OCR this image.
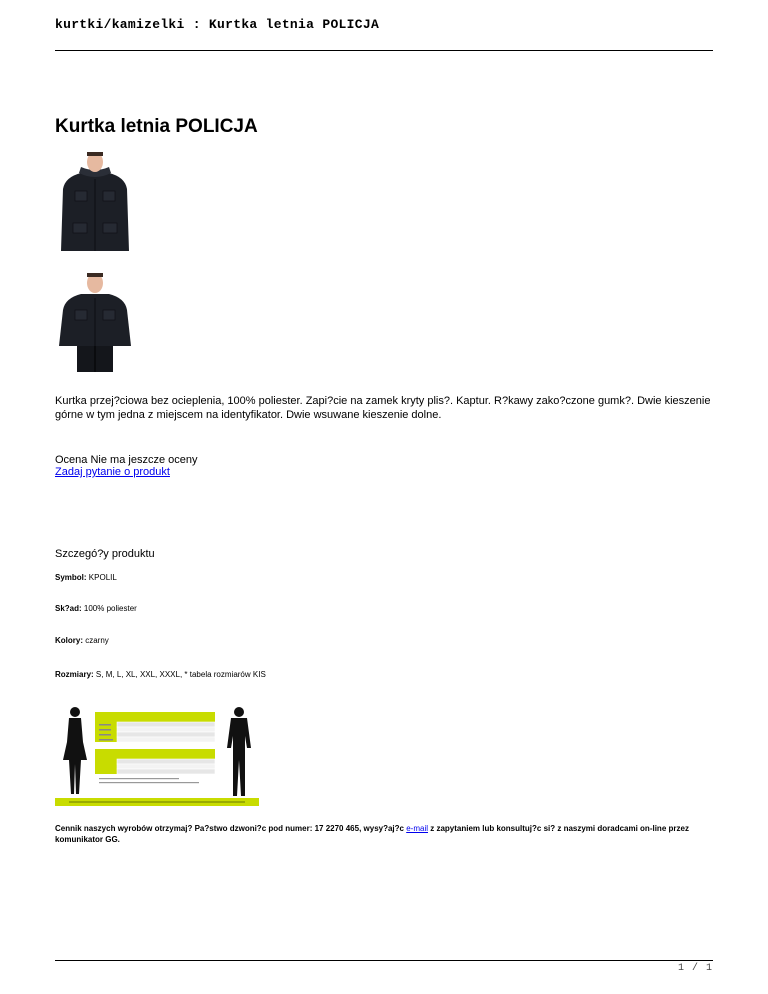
kurtki/kamizelki : Kurtka letnia POLICJA
Kurtka letnia POLICJA
Kurtka przej?ciowa bez ocieplenia, 100% poliester. Zapi?cie na zamek kryty plis?. Kaptur. R?kawy zako?czone gumk?. Dwie kieszenie górne w tym jedna z miejscem na identyfikator. Dwie wsuwane kieszenie dolne.
Ocena Nie ma jeszcze oceny
Zadaj pytanie o produkt
Szczegó?y produktu
Symbol: KPOLIL
Sk?ad: 100% poliester
Kolory: czarny
Rozmiary: S, M, L, XL, XXL, XXXL, * tabela rozmiarów KIS
Cennik naszych wyrobów otrzymaj? Pa?stwo dzwoni?c pod numer: 17 2270 465, wysy?aj?c e-mail z zapytaniem lub konsultuj?c si? z naszymi doradcami on-line przez komunikator GG.
1 / 1
